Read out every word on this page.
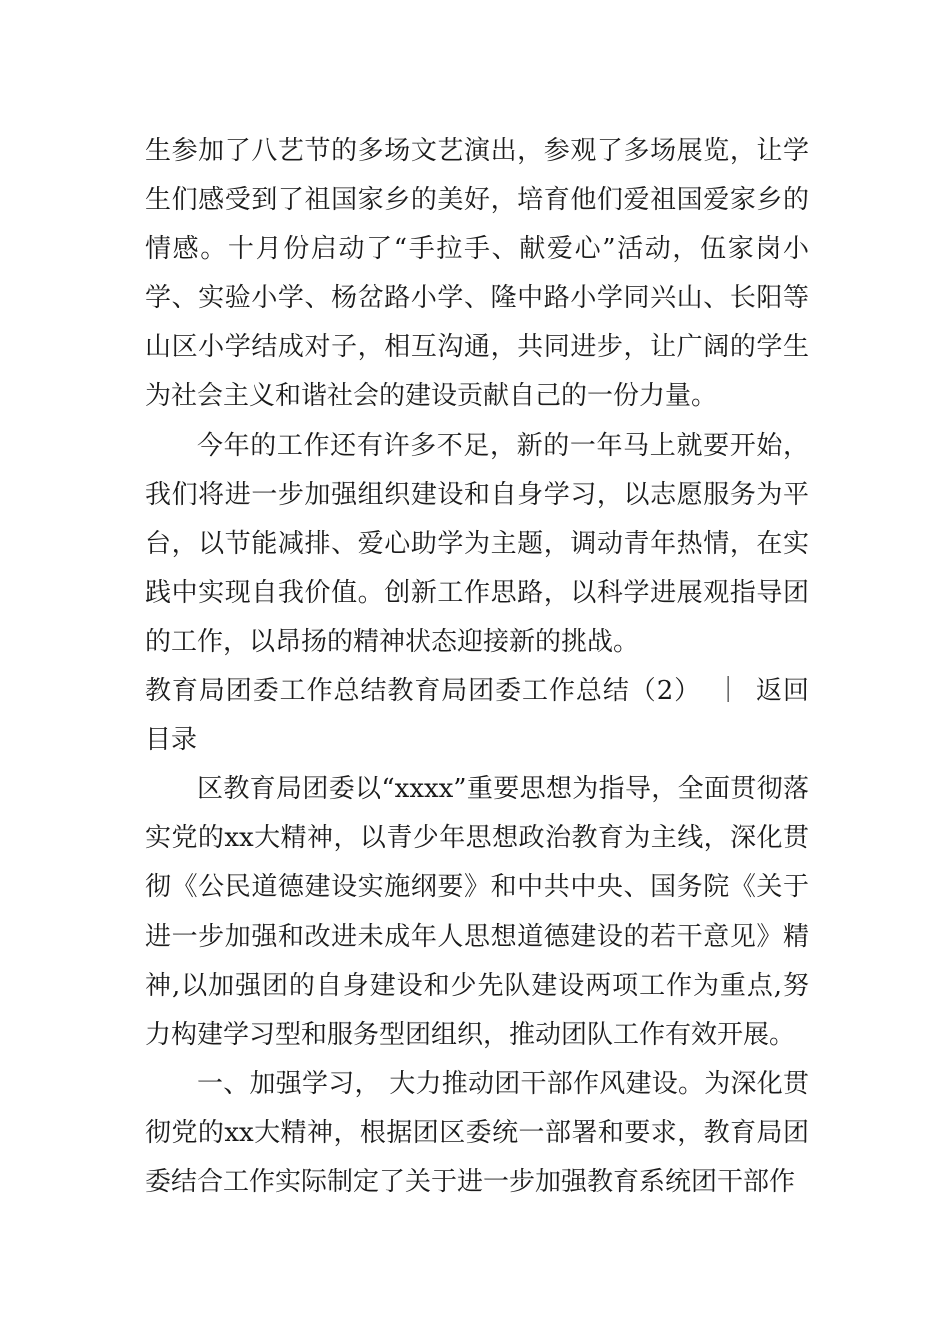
生参加了八艺节的多场文艺演出，参观了多场展览，让学生们感受到了祖国家乡的美好，培育他们爱祖国爱家乡的情感。十月份启动了“手拉手、献爱心”活动，伍家岗小学、实验小学、杨岔路小学、隆中路小学同兴山、长阳等山区小学结成对子，相互沟通，共同进步，让广阔的学生为社会主义和谐社会的建设贡献自己的一份力量。

今年的工作还有许多不足，新的一年马上就要开始，我们将进一步加强组织建设和自身学习，以志愿服务为平台，以节能减排、爱心助学为主题，调动青年热情，在实践中实现自我价值。创新工作思路，以科学进展观指导团的工作，以昂扬的精神状态迎接新的挑战。

教育局团委工作总结教育局团委工作总结（2） ｜ 返回目录

区教育局团委以“xxxx”重要思想为指导，全面贯彻落实党的xx大精神，以青少年思想政治教育为主线，深化贯彻《公民道德建设实施纲要》和中共中央、国务院《关于进一步加强和改进未成年人思想道德建设的若干意见》精神,以加强团的自身建设和少先队建设两项工作为重点,努力构建学习型和服务型团组织，推动团队工作有效开展。

一、加强学习， 大力推动团干部作风建设。为深化贯彻党的xx大精神，根据团区委统一部署和要求，教育局团委结合工作实际制定了关于进一步加强教育系统团干部作
